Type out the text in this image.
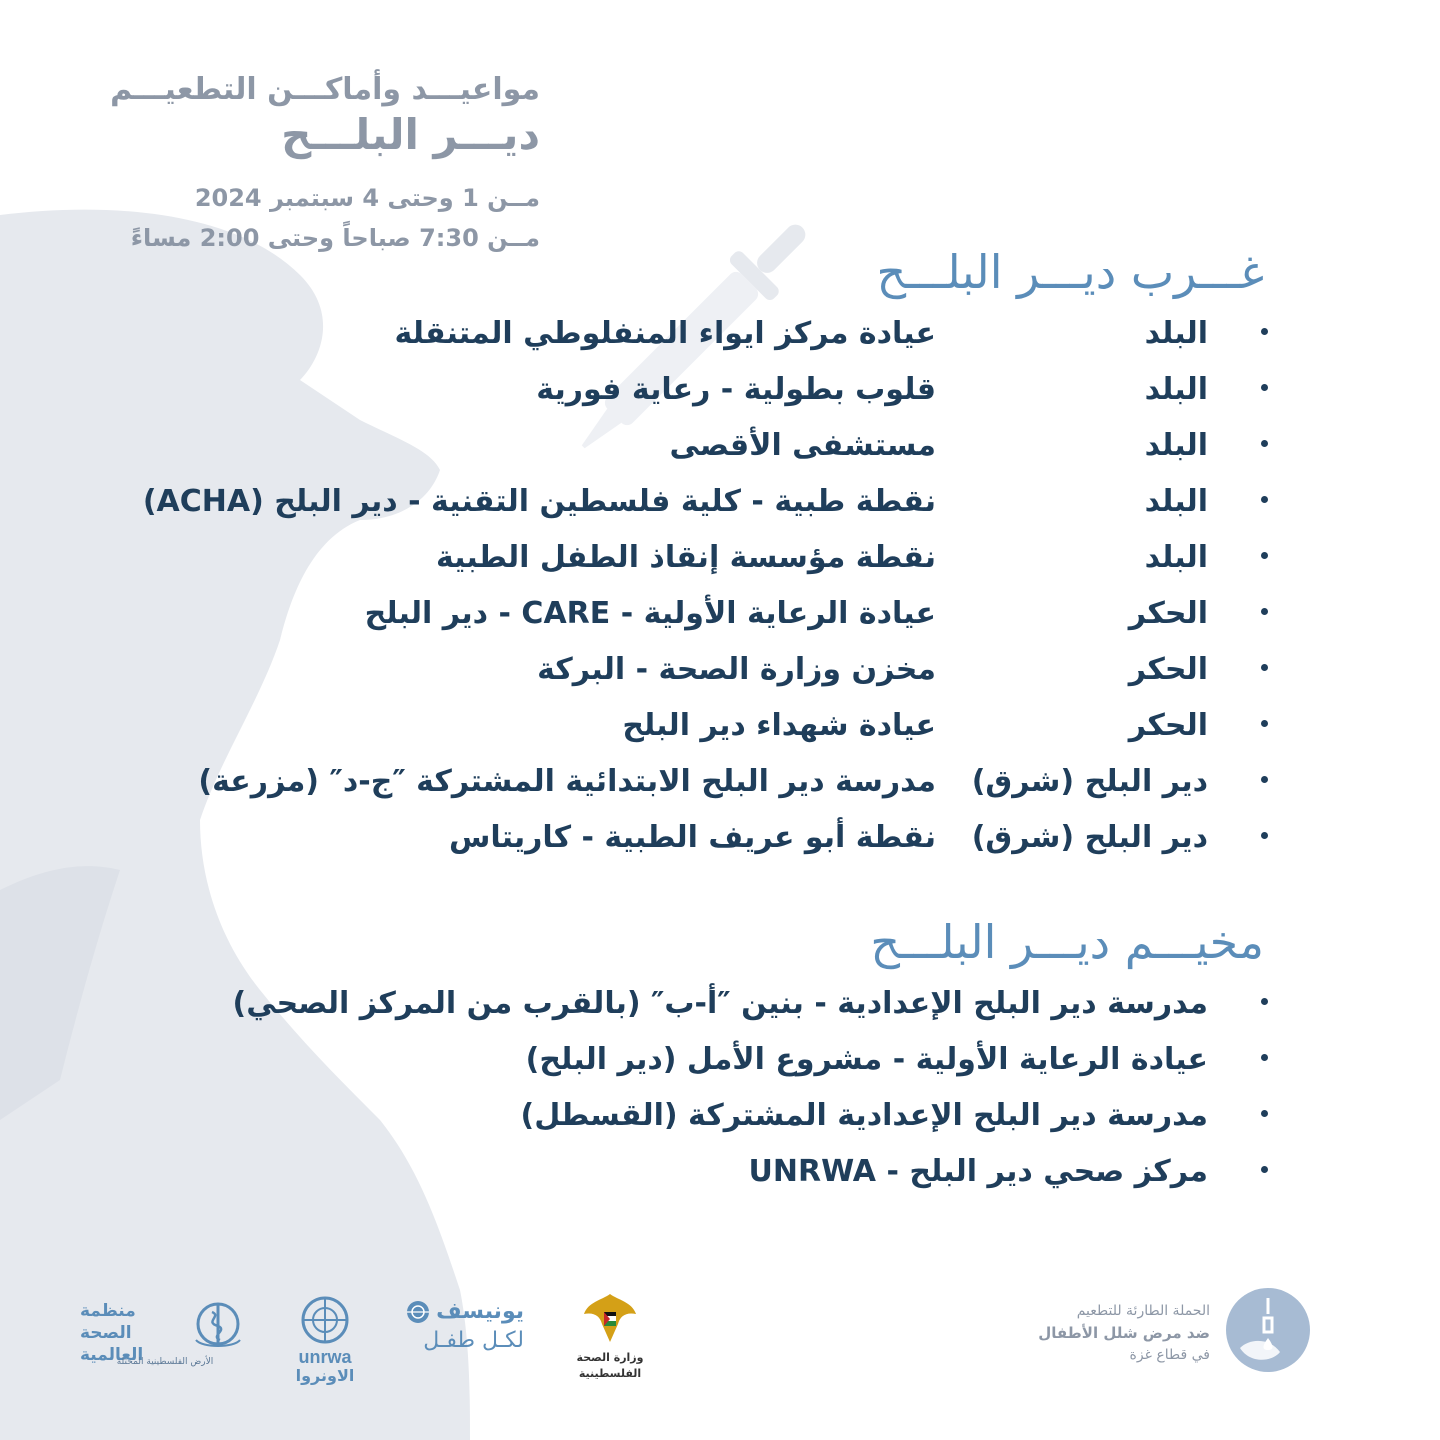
مواعيـــد وأماكـــن التطعيـــم
ديـــر البلـــح
مــن 1 وحتى 4 سبتمبر 2024
مــن 7:30 صباحاً وحتى 2:00 مساءً
غـــرب ديـــر البلـــح
البلد
عيادة مركز ايواء المنفلوطي المتنقلة
البلد
قلوب بطولية - رعاية فورية
البلد
مستشفى الأقصى
البلد
نقطة طبية - كلية فلسطين التقنية - دير البلح (ACHA)
البلد
نقطة مؤسسة إنقاذ الطفل الطبية
الحكر
عيادة الرعاية الأولية - CARE - دير البلح
الحكر
مخزن وزارة الصحة - البركة
الحكر
عيادة شهداء دير البلح
دير البلح (شرق)
مدرسة دير البلح الابتدائية المشتركة ″ج-د″ (مزرعة)
دير البلح (شرق)
نقطة أبو عريف الطبية - كاريتاس
مخيـــم ديـــر البلـــح
مدرسة دير البلح الإعدادية - بنين ″أ-ب″ (بالقرب من المركز الصحي)
عيادة الرعاية الأولية - مشروع الأمل (دير البلح)
مدرسة دير البلح الإعدادية المشتركة (القسطل)
مركز صحي دير البلح - UNRWA
الحملة الطارئة للتطعيم
ضد مرض شلل الأطفال
في قطاع غزة
وزارة الصحة الفلسطينية
يونيسف
لكـل طفـل
unrwa
الاونروا
منظمة
الصحة العالمية
الأرض الفلسطينية المحتلة
